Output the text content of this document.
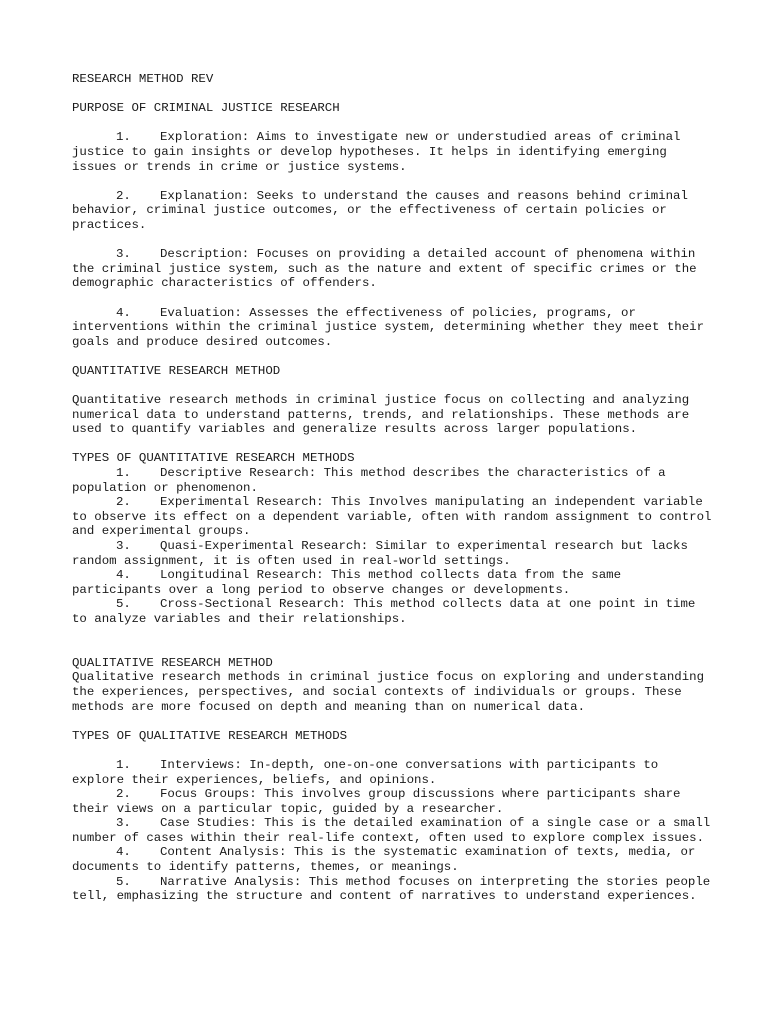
RESEARCH METHOD REV

PURPOSE OF CRIMINAL JUSTICE RESEARCH

1. Exploration: Aims to investigate new or understudied areas of criminal justice to gain insights or develop hypotheses. It helps in identifying emerging issues or trends in crime or justice systems.

2. Explanation: Seeks to understand the causes and reasons behind criminal behavior, criminal justice outcomes, or the effectiveness of certain policies or practices.

3. Description: Focuses on providing a detailed account of phenomena within the criminal justice system, such as the nature and extent of specific crimes or the demographic characteristics of offenders.

4. Evaluation: Assesses the effectiveness of policies, programs, or interventions within the criminal justice system, determining whether they meet their goals and produce desired outcomes.

QUANTITATIVE RESEARCH METHOD

Quantitative research methods in criminal justice focus on collecting and analyzing numerical data to understand patterns, trends, and relationships. These methods are used to quantify variables and generalize results across larger populations.

TYPES OF QUANTITATIVE RESEARCH METHODS

1. Descriptive Research: This method describes the characteristics of a population or phenomenon.

2. Experimental Research: This Involves manipulating an independent variable to observe its effect on a dependent variable, often with random assignment to control and experimental groups.

3. Quasi-Experimental Research: Similar to experimental research but lacks random assignment, it is often used in real-world settings.

4. Longitudinal Research: This method collects data from the same participants over a long period to observe changes or developments.

5. Cross-Sectional Research: This method collects data at one point in time to analyze variables and their relationships.

QUALITATIVE RESEARCH METHOD

Qualitative research methods in criminal justice focus on exploring and understanding the experiences, perspectives, and social contexts of individuals or groups. These methods are more focused on depth and meaning than on numerical data.

TYPES OF QUALITATIVE RESEARCH METHODS

1. Interviews: In-depth, one-on-one conversations with participants to explore their experiences, beliefs, and opinions.

2. Focus Groups: This involves group discussions where participants share their views on a particular topic, guided by a researcher.

3. Case Studies: This is the detailed examination of a single case or a small number of cases within their real-life context, often used to explore complex issues.

4. Content Analysis: This is the systematic examination of texts, media, or documents to identify patterns, themes, or meanings.

5. Narrative Analysis: This method focuses on interpreting the stories people tell, emphasizing the structure and content of narratives to understand experiences.
